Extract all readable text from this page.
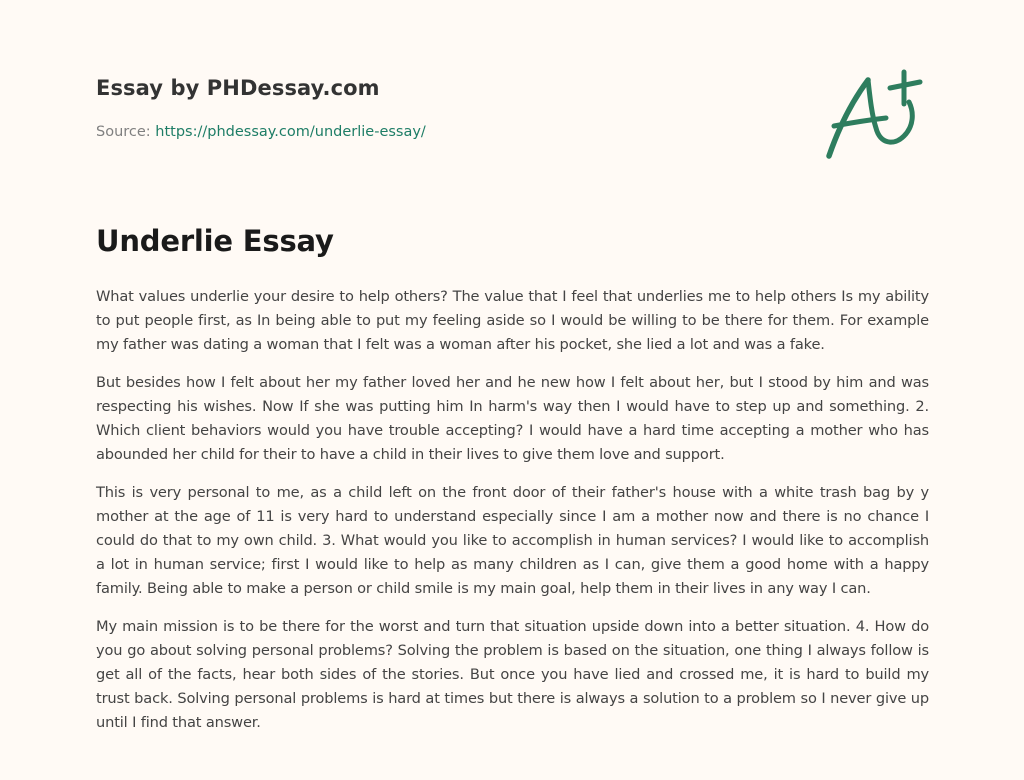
Essay by PHDessay.com
Source: https://phdessay.com/underlie-essay/
Underlie Essay

What values underlie your desire to help others? The value that I feel that underlies me to help others Is my ability to put people first, as In being able to put my feeling aside so I would be willing to be there for them. For example my father was dating a woman that I felt was a woman after his pocket, she lied a lot and was a fake.

But besides how I felt about her my father loved her and he new how I felt about her, but I stood by him and was respecting his wishes. Now If she was putting him In harm's way then I would have to step up and something. 2. Which client behaviors would you have trouble accepting? I would have a hard time accepting a mother who has abounded her child for their to have a child in their lives to give them love and support.

This is very personal to me, as a child left on the front door of their father's house with a white trash bag by y mother at the age of 11 is very hard to understand especially since I am a mother now and there is no chance I could do that to my own child. 3. What would you like to accomplish in human services? I would like to accomplish a lot in human service; first I would like to help as many children as I can, give them a good home with a happy family. Being able to make a person or child smile is my main goal, help them in their lives in any way I can.

My main mission is to be there for the worst and turn that situation upside down into a better situation. 4. How do you go about solving personal problems? Solving the problem is based on the situation, one thing I always follow is get all of the facts, hear both sides of the stories. But once you have lied and crossed me, it is hard to build my trust back. Solving personal problems is hard at times but there is always a solution to a problem so I never give up until I find that answer.
